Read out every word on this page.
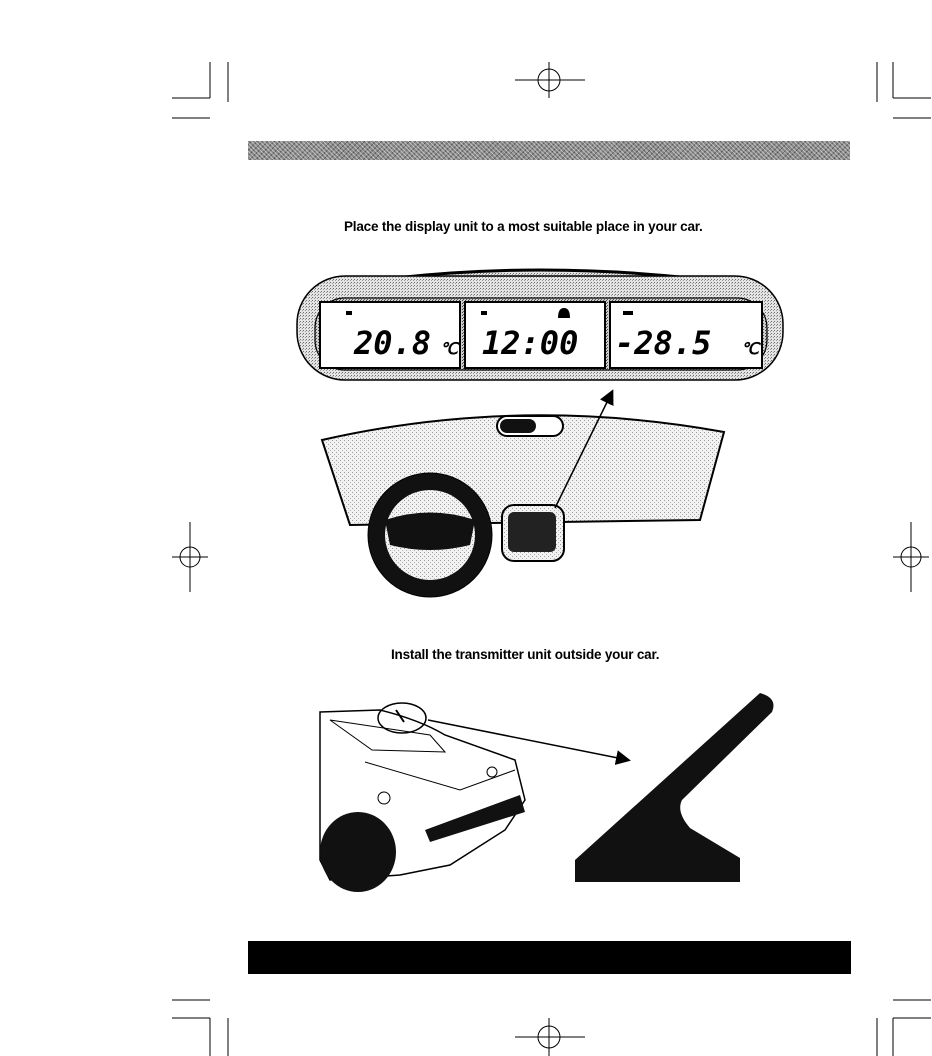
Place the display unit to a most suitable place in your car.
Install the transmitter unit outside your car.
20.8 ℃ 12:00 -28.5 ℃
